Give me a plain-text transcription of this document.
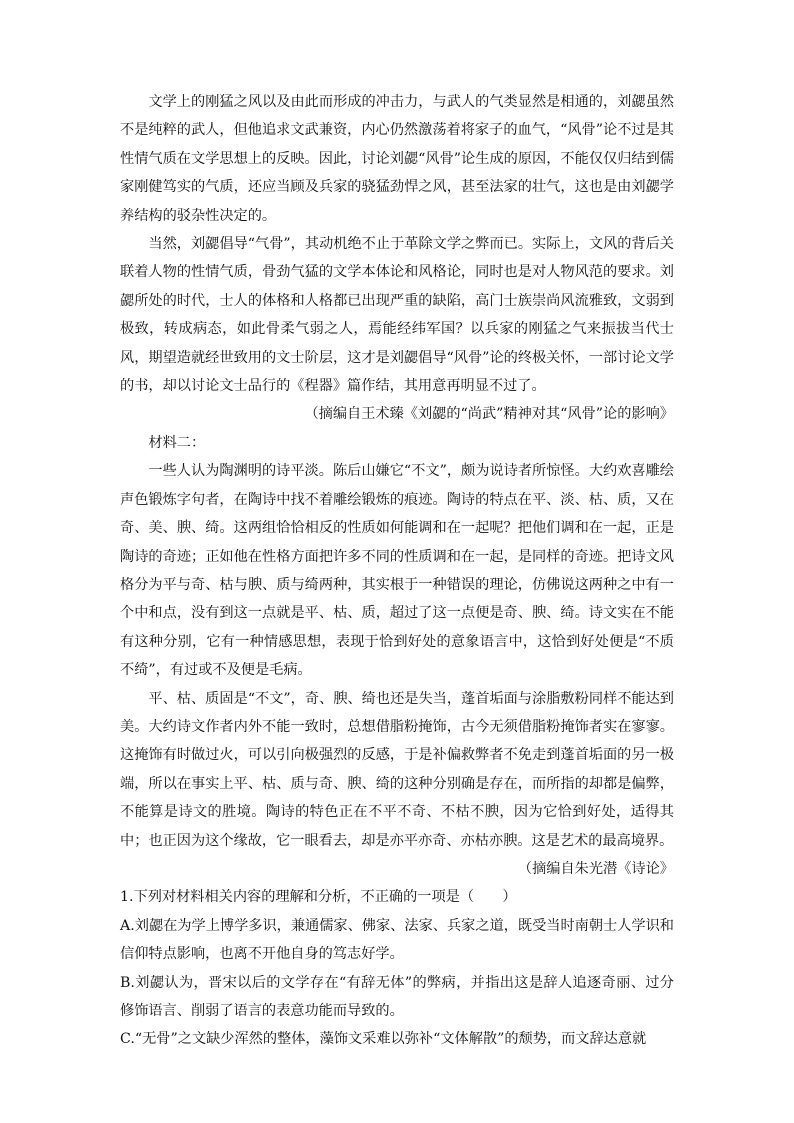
文学上的刚猛之风以及由此而形成的冲击力，与武人的气类显然是相通的，刘勰虽然不是纯粹的武人，但他追求文武兼资，内心仍然激荡着将家子的血气，“风骨”论不过是其性情气质在文学思想上的反映。因此，讨论刘勰“风骨”论生成的原因，不能仅仅归结到儒家刚健笃实的气质，还应当顾及兵家的骁猛劲悍之风，甚至法家的壮气，这也是由刘勰学养结构的驳杂性决定的。

当然，刘勰倡导“气骨”，其动机绝不止于革除文学之弊而已。实际上，文风的背后关联着人物的性情气质，骨劲气猛的文学本体论和风格论，同时也是对人物风范的要求。刘勰所处的时代，士人的体格和人格都已出现严重的缺陷，高门士族崇尚风流雅致，文弱到极致，转成病态，如此骨柔气弱之人，焉能经纬军国？以兵家的刚猛之气来振拔当代士风，期望造就经世致用的文士阶层，这才是刘勰倡导“风骨”论的终极关怀，一部讨论文学的书，却以讨论文士品行的《程器》篇作结，其用意再明显不过了。

（摘编自王术臻《刘勰的“尚武”精神对其“风骨”论的影响》

材料二：

一些人认为陶渊明的诗平淡。陈后山嫌它“不文”，颇为说诗者所惊怪。大约欢喜雕绘声色锻炼字句者，在陶诗中找不着雕绘锻炼的痕迹。陶诗的特点在平、淡、枯、质，又在奇、美、腴、绮。这两组恰恰相反的性质如何能调和在一起呢？把他们调和在一起，正是陶诗的奇迹；正如他在性格方面把许多不同的性质调和在一起，是同样的奇迹。把诗文风格分为平与奇、枯与腴、质与绮两种，其实根于一种错误的理论，仿佛说这两种之中有一个中和点，没有到这一点就是平、枯、质，超过了这一点便是奇、腴、绮。诗文实在不能有这种分别，它有一种情感思想，表现于恰到好处的意象语言中，这恰到好处便是“不质不绮”，有过或不及便是毛病。

平、枯、质固是“不文”，奇、腴、绮也还是失当，蓬首垢面与涂脂敷粉同样不能达到美。大约诗文作者内外不能一致时，总想借脂粉掩饰，古今无须借脂粉掩饰者实在寥寥。这掩饰有时做过火，可以引向极强烈的反感，于是补偏救弊者不免走到蓬首垢面的另一极端，所以在事实上平、枯、质与奇、腴、绮的这种分别确是存在，而所指的却都是偏弊，不能算是诗文的胜境。陶诗的特色正在不平不奇、不枯不腴，因为它恰到好处，适得其中；也正因为这个缘故，它一眼看去，却是亦平亦奇、亦枯亦腴。这是艺术的最高境界。

（摘编自朱光潜《诗论》

1.下列对材料相关内容的理解和分析，不正确的一项是（　　）

A.刘勰在为学上博学多识，兼通儒家、佛家、法家、兵家之道，既受当时南朝士人学识和信仰特点影响，也离不开他自身的笃志好学。

B.刘勰认为，晋宋以后的文学存在“有辞无体”的弊病，并指出这是辞人追逐奇丽、过分修饰语言、削弱了语言的表意功能而导致的。

C.“无骨”之文缺少浑然的整体，藻饰文采难以弥补“文体解散”的颓势，而文辞达意就
